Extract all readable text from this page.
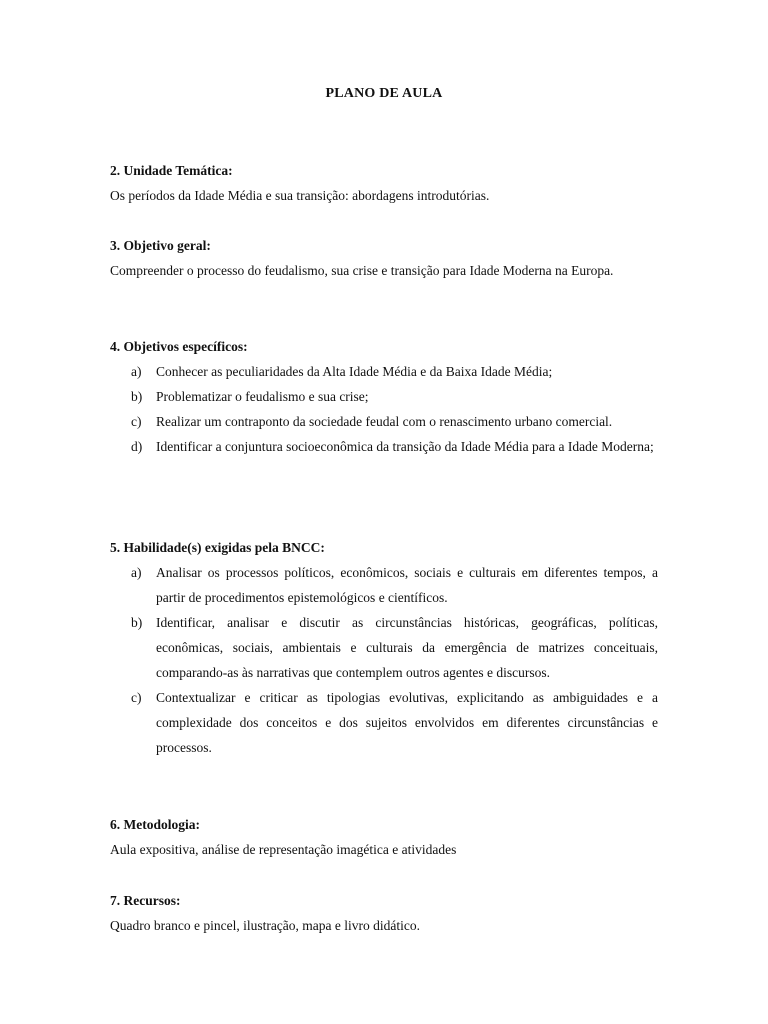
PLANO DE AULA
2. Unidade Temática:
Os períodos da Idade Média e sua transição: abordagens introdutórias.
3. Objetivo geral:
Compreender o processo do feudalismo, sua crise e transição para Idade Moderna na Europa.
4. Objetivos específicos:
a) Conhecer as peculiaridades da Alta Idade Média e da Baixa Idade Média;
b) Problematizar o feudalismo e sua crise;
c) Realizar um contraponto da sociedade feudal com o renascimento urbano comercial.
d) Identificar a conjuntura socioeconômica da transição da Idade Média para a Idade Moderna;
5. Habilidade(s) exigidas pela BNCC:
a) Analisar os processos políticos, econômicos, sociais e culturais em diferentes tempos, a partir de procedimentos epistemológicos e científicos.
b) Identificar, analisar e discutir as circunstâncias históricas, geográficas, políticas, econômicas, sociais, ambientais e culturais da emergência de matrizes conceituais, comparando-as às narrativas que contemplem outros agentes e discursos.
c) Contextualizar e criticar as tipologias evolutivas, explicitando as ambiguidades e a complexidade dos conceitos e dos sujeitos envolvidos em diferentes circunstâncias e processos.
6. Metodologia:
Aula expositiva, análise de representação imagética e atividades
7. Recursos:
Quadro branco e pincel, ilustração, mapa e livro didático.
